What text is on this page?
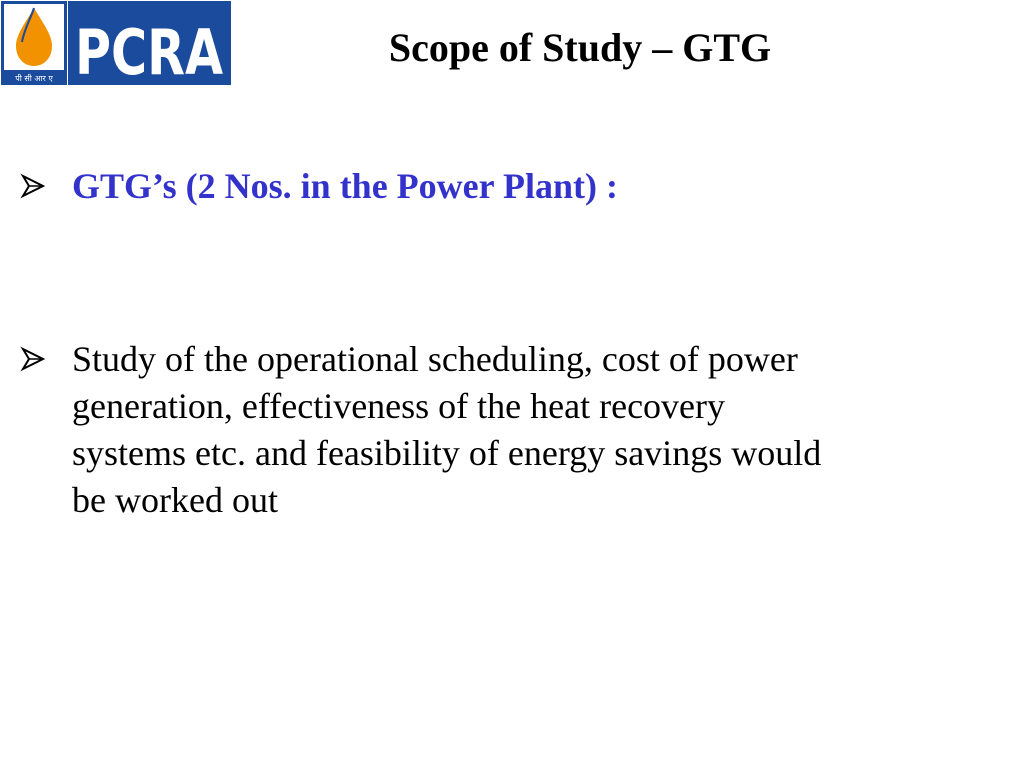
पी सी आर ए PCRA	Scope of Study – GTG
GTG’s (2 Nos. in the Power Plant) :
Study of the operational scheduling, cost of power generation, effectiveness of the heat recovery systems etc. and feasibility of energy savings would be worked out
